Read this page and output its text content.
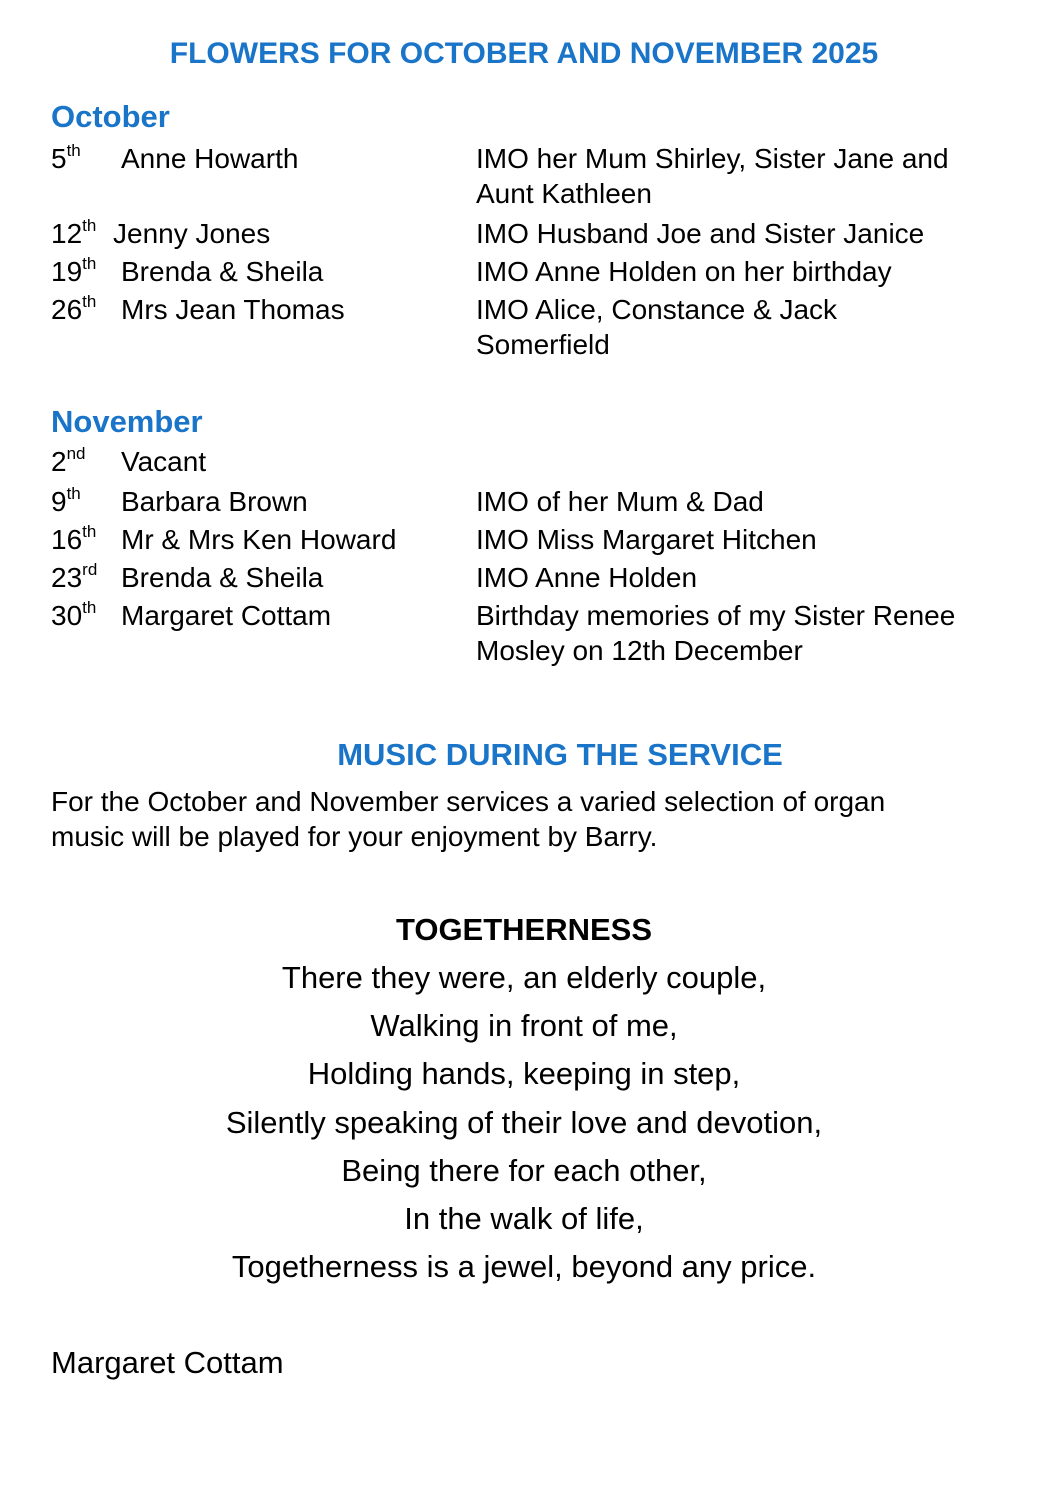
FLOWERS FOR OCTOBER AND NOVEMBER 2025
October
5th Anne Howarth	IMO her Mum Shirley, Sister Jane and Aunt Kathleen
12th Jenny Jones	IMO Husband Joe and Sister Janice
19th Brenda & Sheila	IMO Anne Holden on her birthday
26th Mrs Jean Thomas	IMO Alice, Constance & Jack Somerfield
November
2nd Vacant
9th Barbara Brown	IMO of her Mum & Dad
16th Mr & Mrs Ken Howard	IMO Miss Margaret Hitchen
23rd Brenda & Sheila	IMO Anne Holden
30th Margaret Cottam	Birthday memories of my Sister Renee Mosley on 12th December
MUSIC DURING THE SERVICE
For the October and November services a varied selection of organ music will be played for your enjoyment by Barry.
TOGETHERNESS
There they were, an elderly couple,
Walking in front of me,
Holding hands, keeping in step,
Silently speaking of their love and devotion,
Being there for each other,
In the walk of life,
Togetherness is a jewel, beyond any price.
Margaret Cottam
